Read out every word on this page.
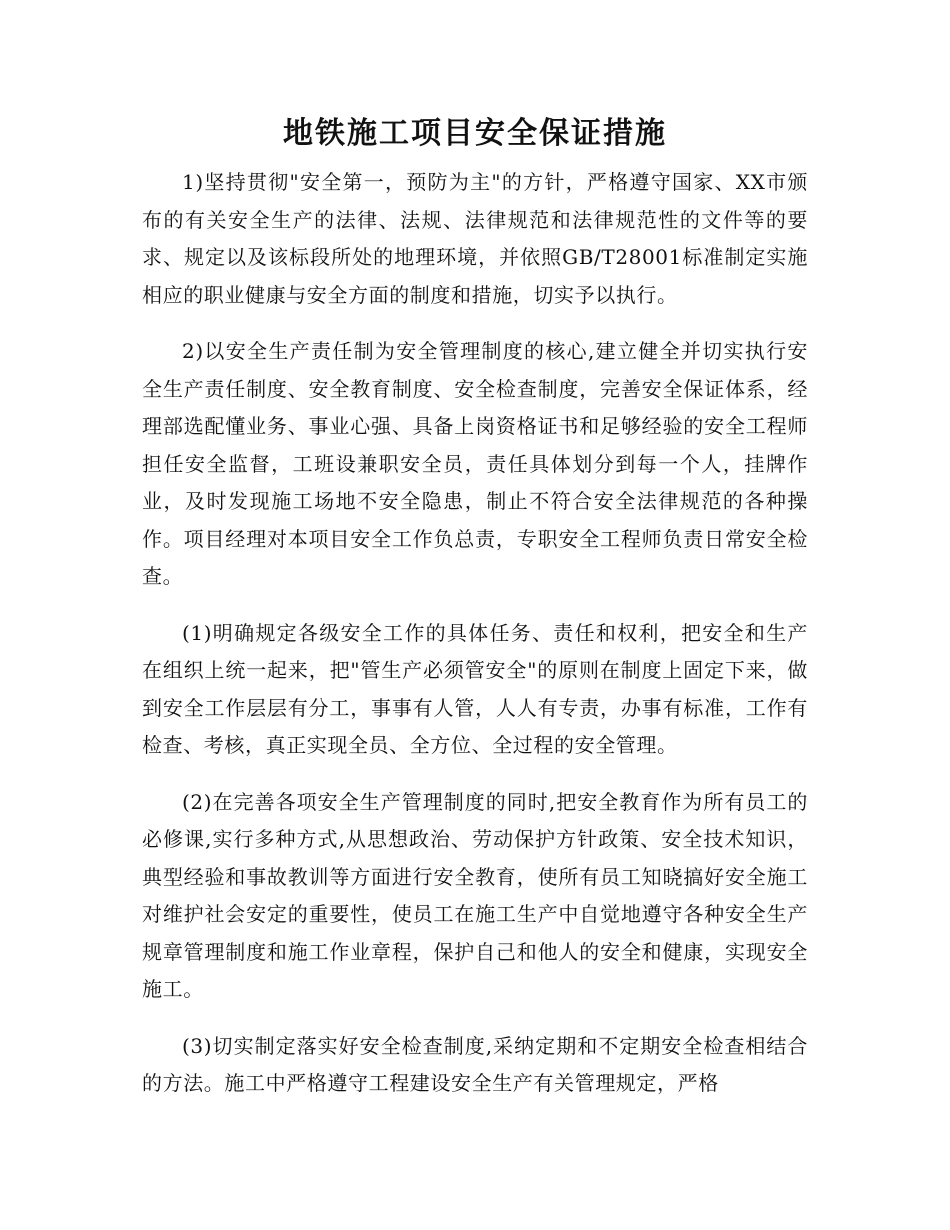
地铁施工项目安全保证措施

1)坚持贯彻"安全第一，预防为主"的方针，严格遵守国家、XX市颁布的有关安全生产的法律、法规、法律规范和法律规范性的文件等的要求、规定以及该标段所处的地理环境，并依照GB/T28001标准制定实施相应的职业健康与安全方面的制度和措施，切实予以执行。

2)以安全生产责任制为安全管理制度的核心,建立健全并切实执行安全生产责任制度、安全教育制度、安全检查制度，完善安全保证体系，经理部选配懂业务、事业心强、具备上岗资格证书和足够经验的安全工程师担任安全监督，工班设兼职安全员，责任具体划分到每一个人，挂牌作业，及时发现施工场地不安全隐患，制止不符合安全法律规范的各种操作。项目经理对本项目安全工作负总责，专职安全工程师负责日常安全检查。

(1)明确规定各级安全工作的具体任务、责任和权利，把安全和生产在组织上统一起来，把"管生产必须管安全"的原则在制度上固定下来，做到安全工作层层有分工，事事有人管，人人有专责，办事有标准，工作有检查、考核，真正实现全员、全方位、全过程的安全管理。

(2)在完善各项安全生产管理制度的同时,把安全教育作为所有员工的必修课,实行多种方式,从思想政治、劳动保护方针政策、安全技术知识，典型经验和事故教训等方面进行安全教育，使所有员工知晓搞好安全施工对维护社会安定的重要性，使员工在施工生产中自觉地遵守各种安全生产规章管理制度和施工作业章程，保护自己和他人的安全和健康，实现安全施工。

(3)切实制定落实好安全检查制度,采纳定期和不定期安全检查相结合的方法。施工中严格遵守工程建设安全生产有关管理规定，严格
